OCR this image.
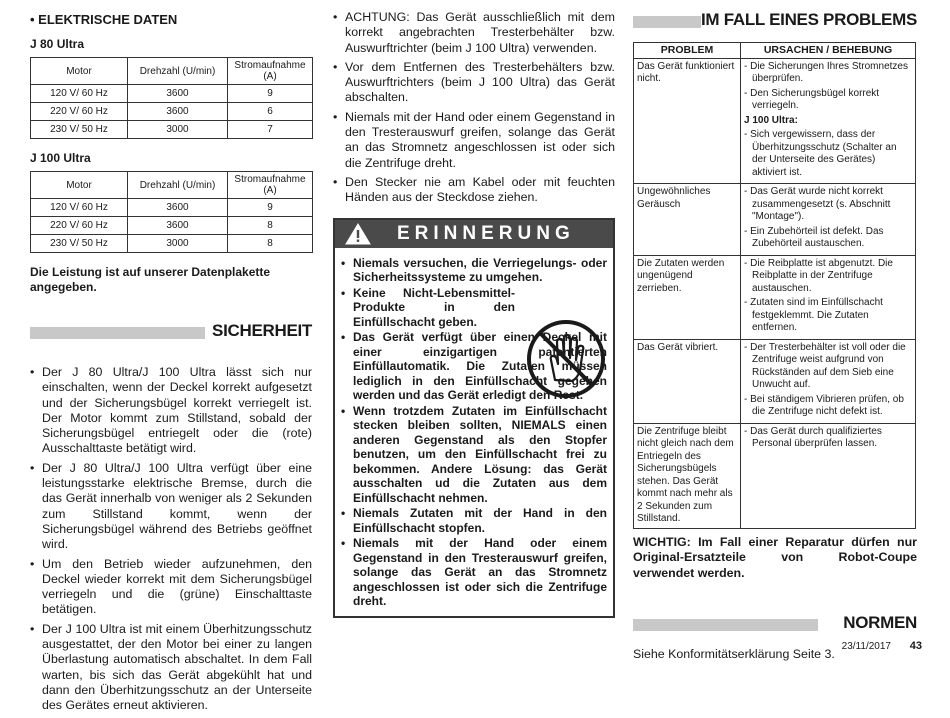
• ELEKTRISCHE DATEN
J 80 Ultra
Motor	Drehzahl (U/min)	Stromaufnahme (A)
120 V/ 60 Hz	3600	9
220 V/ 60 Hz	3600	6
230 V/ 50 Hz	3000	7
J 100 Ultra
Motor	Drehzahl (U/min)	Stromaufnahme (A)
120 V/ 60 Hz	3600	9
220 V/ 60 Hz	3600	8
230 V/ 50 Hz	3000	8
Die Leistung ist auf unserer Datenplakette angegeben.
SICHERHEIT
• Der J 80 Ultra/J 100 Ultra lässt sich nur einschalten, wenn der Deckel korrekt aufgesetzt und der Sicherungsbügel korrekt verriegelt ist. Der Motor kommt zum Stillstand, sobald der Sicherungsbügel entriegelt oder die (rote) Ausschalttaste betätigt wird.
• Der J 80 Ultra/J 100 Ultra verfügt über eine leistungsstarke elektrische Bremse, durch die das Gerät innerhalb von weniger als 2 Sekunden zum Stillstand kommt, wenn der Sicherungsbügel während des Betriebs geöffnet wird.
• Um den Betrieb wieder aufzunehmen, den Deckel wieder korrekt mit dem Sicherungsbügel verriegeln und die (grüne) Einschalttaste betätigen.
• Der J 100 Ultra ist mit einem Überhitzungsschutz ausgestattet, der den Motor bei einer zu langen Überlastung automatisch abschaltet. In dem Fall warten, bis sich das Gerät abgekühlt hat und dann den Überhitzungsschutz an der Unterseite des Gerätes erneut aktivieren.
• ACHTUNG: Das Gerät ausschließlich mit dem korrekt angebrachten Tresterbehälter bzw. Auswurftrichter (beim J 100 Ultra) verwenden.
• Vor dem Entfernen des Tresterbehälters bzw. Auswurftrichters (beim J 100 Ultra) das Gerät abschalten.
• Niemals mit der Hand oder einem Gegenstand in den Tresterauswurf greifen, solange das Gerät an das Stromnetz angeschlossen ist oder sich die Zentrifuge dreht.
• Den Stecker nie am Kabel oder mit feuchten Händen aus der Steckdose ziehen.
ERINNERUNG
• Niemals versuchen, die Verriegelungs- oder Sicherheitssysteme zu umgehen.
• Keine Nicht-Lebensmittel-Produkte in den Einfüllschacht geben.
• Das Gerät verfügt über einen Deckel mit einer einzigartigen patentierten Einfüllautomatik. Die Zutaten müssen lediglich in den Einfüllschacht gegeben werden und das Gerät erledigt den Rest.
• Wenn trotzdem Zutaten im Einfüllschacht stecken bleiben sollten, NIEMALS einen anderen Gegenstand als den Stopfer benutzen, um den Einfüllschacht frei zu bekommen. Andere Lösung: das Gerät ausschalten ud die Zutaten aus dem Einfüllschacht nehmen.
• Niemals Zutaten mit der Hand in den Einfüllschacht stopfen.
• Niemals mit der Hand oder einem Gegenstand in den Tresterauswurf greifen, solange das Gerät an das Stromnetz angeschlossen ist oder sich die Zentrifuge dreht.
IM FALL EINES PROBLEMS
PROBLEM	URSACHEN / BEHEBUNG
Das Gerät funktioniert nicht.	- Die Sicherungen Ihres Stromnetzes überprüfen.
- Den Sicherungsbügel korrekt verriegeln.
J 100 Ultra:
- Sich vergewissern, dass der Überhitzungsschutz (Schalter an der Unterseite des Gerätes) aktiviert ist.

Ungewöhnliches Geräusch	- Das Gerät wurde nicht korrekt zusammengesetzt (s. Abschnitt "Montage").
- Ein Zubehörteil ist defekt. Das Zubehörteil austauschen.

Die Zutaten werden ungenügend zerrieben.	- Die Reibplatte ist abgenutzt. Die Reibplatte in der Zentrifuge austauschen.
- Zutaten sind im Einfüllschacht festgeklemmt. Die Zutaten entfernen.

Das Gerät vibriert.	- Der Tresterbehälter ist voll oder die Zentrifuge weist aufgrund von Rückständen auf dem Sieb eine Unwucht auf.
- Bei ständigem Vibrieren prüfen, ob die Zentrifuge nicht defekt ist.

Die Zentrifuge bleibt nicht gleich nach dem Entriegeln des Sicherungsbügels stehen. Das Gerät kommt nach mehr als 2 Sekunden zum Stillstand.	- Das Gerät durch qualifiziertes Personal überprüfen lassen.
WICHTIG: Im Fall einer Reparatur dürfen nur Original-Ersatzteile von Robot-Coupe verwendet werden.
NORMEN
Siehe Konformitätserklärung Seite 3.
23/11/2017 43
